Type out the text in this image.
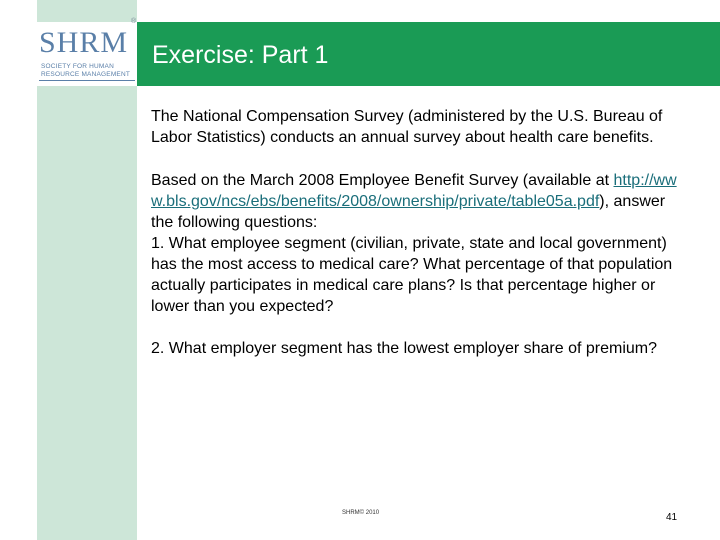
SHRM
SOCIETY FOR HUMAN
RESOURCE MANAGEMENT
®
Exercise: Part 1

The National Compensation Survey (administered by the U.S. Bureau of Labor Statistics) conducts an annual survey about health care benefits.

Based on the March 2008 Employee Benefit Survey (available at http://www.bls.gov/ncs/ebs/benefits/2008/ownership/private/table05a.pdf), answer the following questions:

1. What employee segment (civilian, private, state and local government) has the most access to medical care? What percentage of that population actually participates in medical care plans? Is that percentage higher or lower than you expected?

2. What employer segment has the lowest employer share of premium?

SHRM© 2010	41
